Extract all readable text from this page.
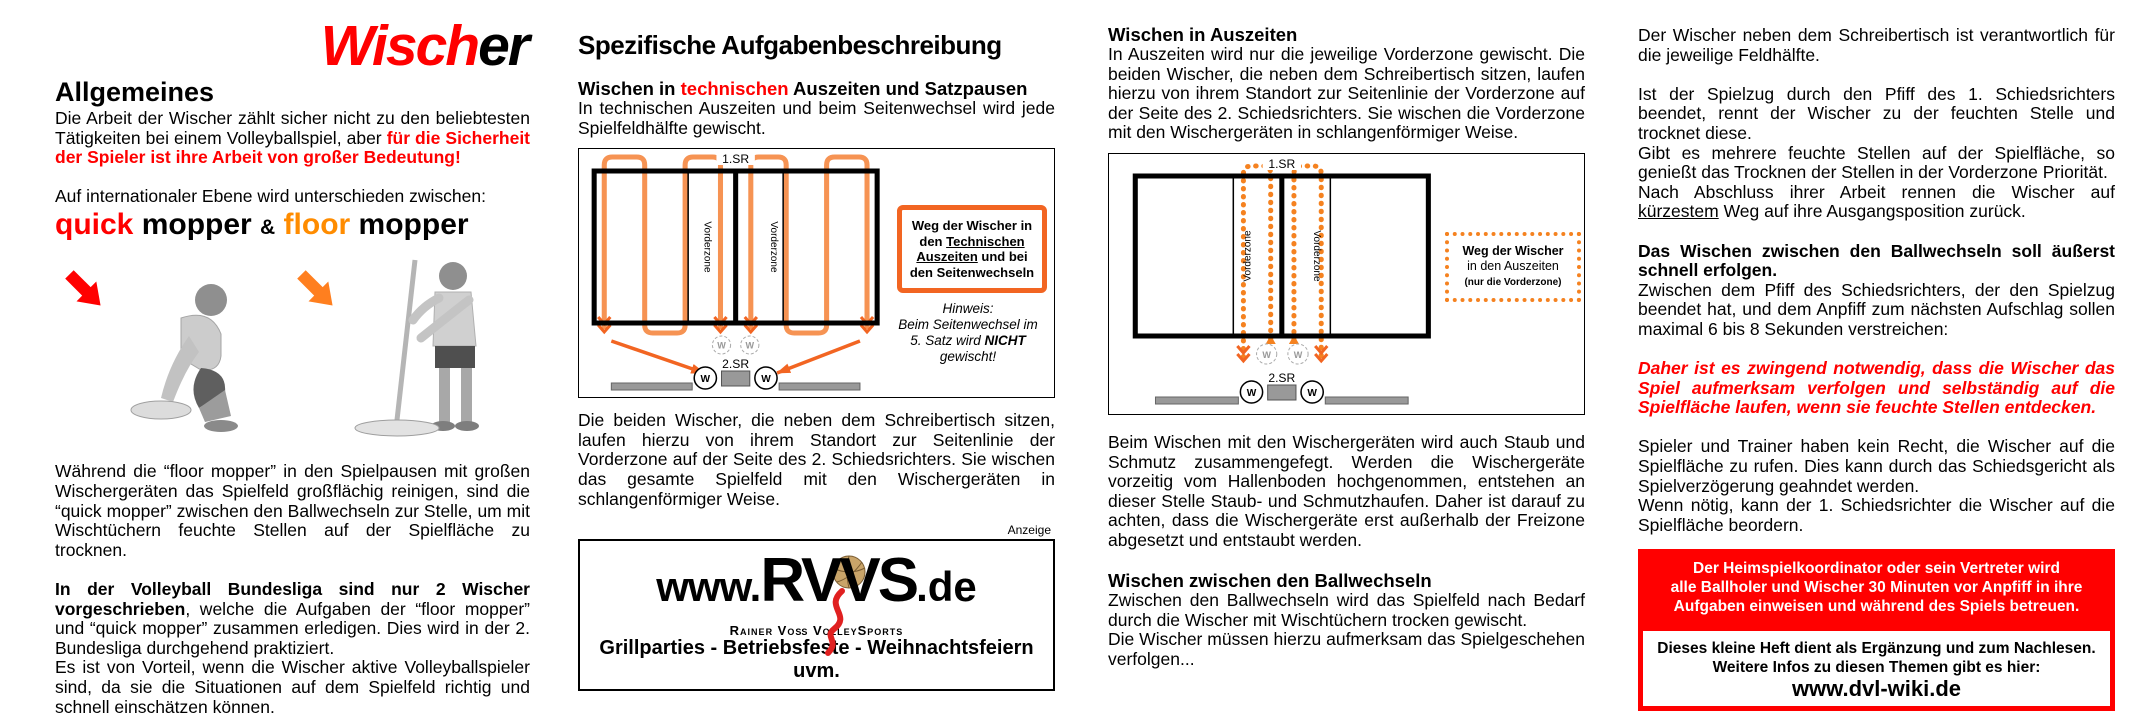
Wischer
Allgemeines

Die Arbeit der Wischer zählt sicher nicht zu den beliebtesten Tätigkeiten bei einem Volleyballspiel, aber für die Sicherheit der Spieler ist ihre Arbeit von großer Bedeutung!

Auf internationaler Ebene wird unterschieden zwischen:

quick mopper & floor mopper

Während die “floor mopper” in den Spielpausen mit großen Wischergeräten das Spielfeld großflächig reinigen, sind die “quick mopper” zwischen den Ballwechseln zur Stelle, um mit Wischtüchern feuchte Stellen auf der Spielfläche zu trocknen.

In der Volleyball Bundesliga sind nur 2 Wischer vorgeschrieben, welche die Aufgaben der “floor mopper” und “quick mopper” zusammen erledigen. Dies wird in der 2. Bundesliga durchgehend praktiziert.

Es ist von Vorteil, wenn die Wischer aktive Volleyballspieler sind, da sie die Situationen auf dem Spielfeld richtig und schnell einschätzen können.

Spezifische Aufgabenbeschreibung
Wischen in technischen Auszeiten und Satzpausen

In technischen Auszeiten und beim Seitenwechsel wird jede Spielfeldhälfte gewischt.

Vorderzone	Vorderzone
1.SR
W W
2.SR
W	W
Weg der Wischer in den Technischen Auszeiten und bei den Seitenwechseln
Hinweis:
Beim Seitenwechsel im 5. Satz wird NICHT gewischt!

Die beiden Wischer, die neben dem Schreibertisch sitzen, laufen hierzu von ihrem Standort zur Seitenlinie der Vorderzone auf der Seite des 2. Schiedsrichters. Sie wischen das gesamte Spielfeld mit den Wischergeräten in schlangenförmiger Weise.

Anzeige
www.RVVS.de
Rainer Voß VolleySports
Grillparties - Betriebsfeste - Weihnachtsfeiern uvm.
Wischen in Auszeiten

In Auszeiten wird nur die jeweilige Vorderzone gewischt. Die beiden Wischer, die neben dem Schreibertisch sitzen, laufen hierzu von ihrem Standort zur Seitenlinie der Vorderzone auf der Seite des 2. Schiedsrichters. Sie wischen die Vorderzone mit den Wischergeräten in schlangenförmiger Weise.

Vorderzone	Vorderzone
1.SR
W	W
2.SR
W	W
Weg der Wischer
in den Auszeiten
(nur die Vorderzone)

Beim Wischen mit den Wischergeräten wird auch Staub und Schmutz zusammengefegt. Werden die Wischergeräte vorzeitig vom Hallenboden hochgenommen, entstehen an dieser Stelle Staub- und Schmutzhaufen. Daher ist darauf zu achten, dass die Wischergeräte erst außerhalb der Freizone abgesetzt und entstaubt werden.

Wischen zwischen den Ballwechseln

Zwischen den Ballwechseln wird das Spielfeld nach Bedarf durch die Wischer mit Wischtüchern trocken gewischt.

Die Wischer müssen hierzu aufmerksam das Spielgeschehen verfolgen...

Der Wischer neben dem Schreibertisch ist verantwortlich für die jeweilige Feldhälfte.

Ist der Spielzug durch den Pfiff des 1. Schiedsrichters beendet, rennt der Wischer zu der feuchten Stelle und trocknet diese.

Gibt es mehrere feuchte Stellen auf der Spielfläche, so genießt das Trocknen der Stellen in der Vorderzone Priorität.

Nach Abschluss ihrer Arbeit rennen die Wischer auf kürzestem Weg auf ihre Ausgangsposition zurück.

Das Wischen zwischen den Ballwechseln soll äußerst schnell erfolgen.

Zwischen dem Pfiff des Schiedsrichters, der den Spielzug beendet hat, und dem Anpfiff zum nächsten Aufschlag sollen maximal 6 bis 8 Sekunden verstreichen:

Daher ist es zwingend notwendig, dass die Wischer das Spiel aufmerksam verfolgen und selbständig auf die Spielfläche laufen, wenn sie feuchte Stellen entdecken.

Spieler und Trainer haben kein Recht, die Wischer auf die Spielfläche zu rufen. Dies kann durch das Schiedsgericht als Spielverzögerung geahndet werden.

Wenn nötig, kann der 1. Schiedsrichter die Wischer auf die Spielfläche beordern.

Der Heimspielkoordinator oder sein Vertreter wird
alle Ballholer und Wischer 30 Minuten vor Anpfiff in ihre
Aufgaben einweisen und während des Spiels betreuen.
Dieses kleine Heft dient als Ergänzung und zum Nachlesen.
Weitere Infos zu diesen Themen gibt es hier:
www.dvl-wiki.de
